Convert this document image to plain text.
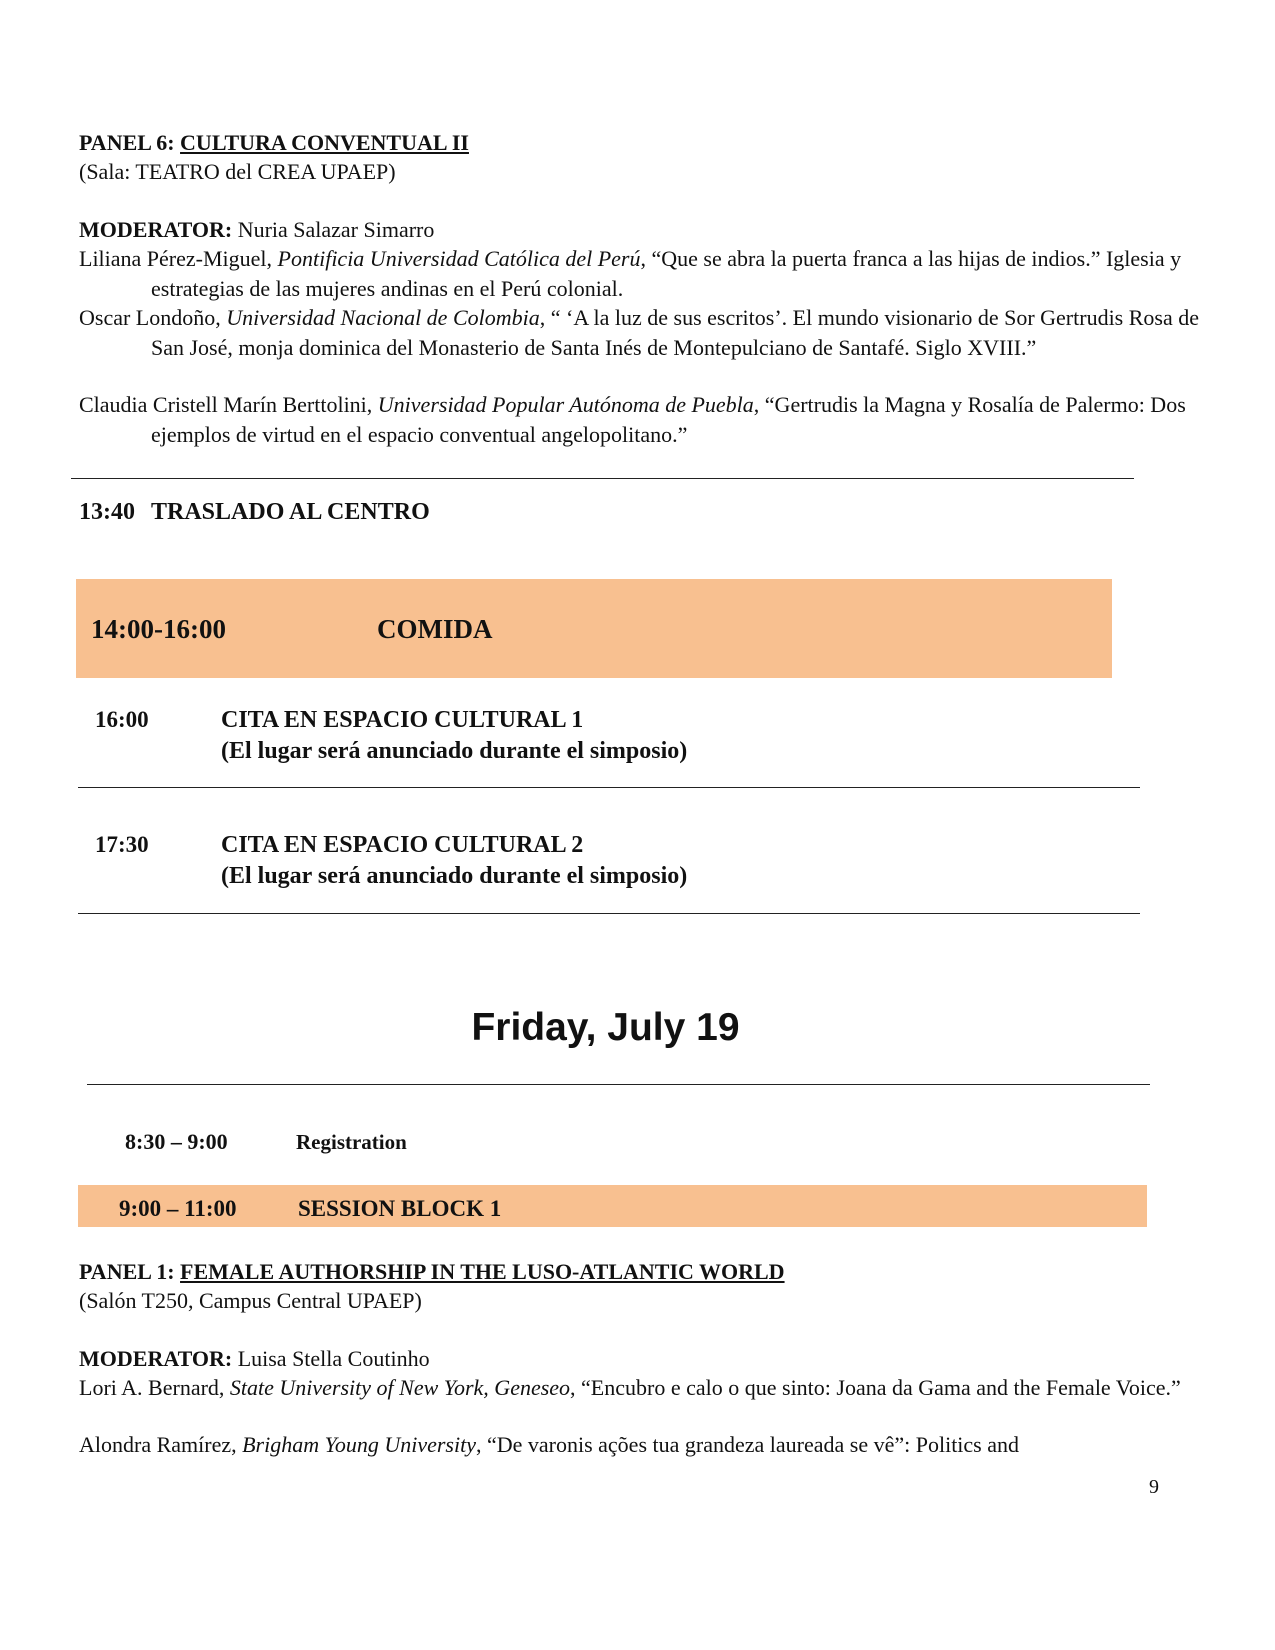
PANEL 6: CULTURA CONVENTUAL II
(Sala: TEATRO del CREA UPAEP)
MODERATOR: Nuria Salazar Simarro
Liliana Pérez-Miguel, Pontificia Universidad Católica del Perú, “Que se abra la puerta franca a las hijas de indios.” Iglesia y estrategias de las mujeres andinas en el Perú colonial.
Oscar Londoño, Universidad Nacional de Colombia, “ ‘A la luz de sus escritos’. El mundo visionario de Sor Gertrudis Rosa de San José, monja dominica del Monasterio de Santa Inés de Montepulciano de Santafé. Siglo XVIII.”
Claudia Cristell Marín Berttolini, Universidad Popular Autónoma de Puebla, “Gertrudis la Magna y Rosalía de Palermo: Dos ejemplos de virtud en el espacio conventual angelopolitano.”
13:40 TRASLADO AL CENTRO
14:00-16:00	COMIDA
16:00	CITA EN ESPACIO CULTURAL 1
(El lugar será anunciado durante el simposio)
17:30	CITA EN ESPACIO CULTURAL 2
(El lugar será anunciado durante el simposio)
Friday, July 19
8:30 – 9:00	Registration
9:00 – 11:00	SESSION BLOCK 1
PANEL 1: FEMALE AUTHORSHIP IN THE LUSO-ATLANTIC WORLD
(Salón T250, Campus Central UPAEP)
MODERATOR: Luisa Stella Coutinho
Lori A. Bernard, State University of New York, Geneseo, “Encubro e calo o que sinto: Joana da Gama and the Female Voice.”
Alondra Ramírez, Brigham Young University, “De varonis ações tua grandeza laureada se vê”: Politics and
9
